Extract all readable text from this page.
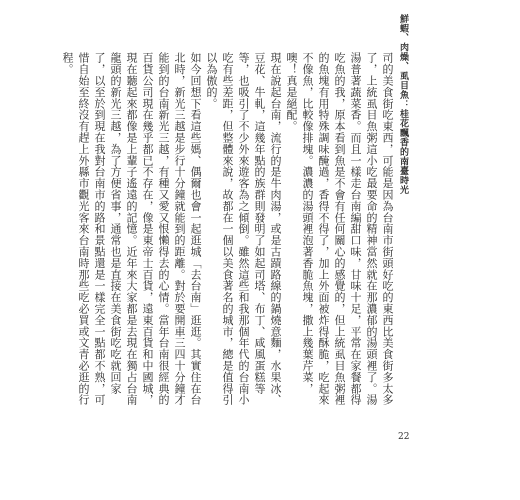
鮮蝦、肉燥、虱目魚：桂花飄香的南臺時光

司的美食街吃東西，可能是因為台南市街頭好吃的東西比美食街多太多了，上統虱目魚粥這小吃最要命的精神當然就在那濃郁的湯頭裡了。湯湯普著蔬菜香。而且一樣走台南編甜口味，甘味十足，平常在家餐都得吃魚的我，原本看到魚是不會有任何關心的感覺的，但上統虱目魚粥裡的魚塊有用特殊調味醃過，香得不得了，加上外面被炸得酥脆，吃起來不像魚，比較像排塊。濃濃的湯頭裡泡著香脆魚塊，撒上幾葉芹菜，噢！真是絕配。

現在說起台南，流行的是牛肉湯，或是古蹟路線的鍋燒意麵，水果冰、豆花、牛軋，這幾年點的族群則發明了如起司塔、布丁、咸風蛋糕等等，也吸引了不少外來遊客為之傾倒。雖然這些和我那個年代的台南小吃有些差距，但整體來說，故都在一個以美食著名的城市，總是值得引以為傲的。

如今回想下看這些媽、偶爾也會一起逛城「去台南」逛逛。其實住在台北時，新光三越是步行十分鐘就能到的距離。對於要開車三四十分鐘才能到的台南新光三越，有種又愛又恨懶得去的心情。當年台南很經典的百貨公司現在幾乎都已不存在，像是東帝士百貨，遠東百貨和中國城，現在聽起來都像是上輩子遙遠的記憶。近年來大家都是去現在獨占台南龍頭的新光三越，為了方便省事，通常也是直接在美食街吃吃就回家了，以至於到現在我對台南市的路和景點還是一樣完全一點都不熟，可惜自始至終沒有趕上外縣市觀光客來台南時那些吃必買或文青必逛的行程。

22
